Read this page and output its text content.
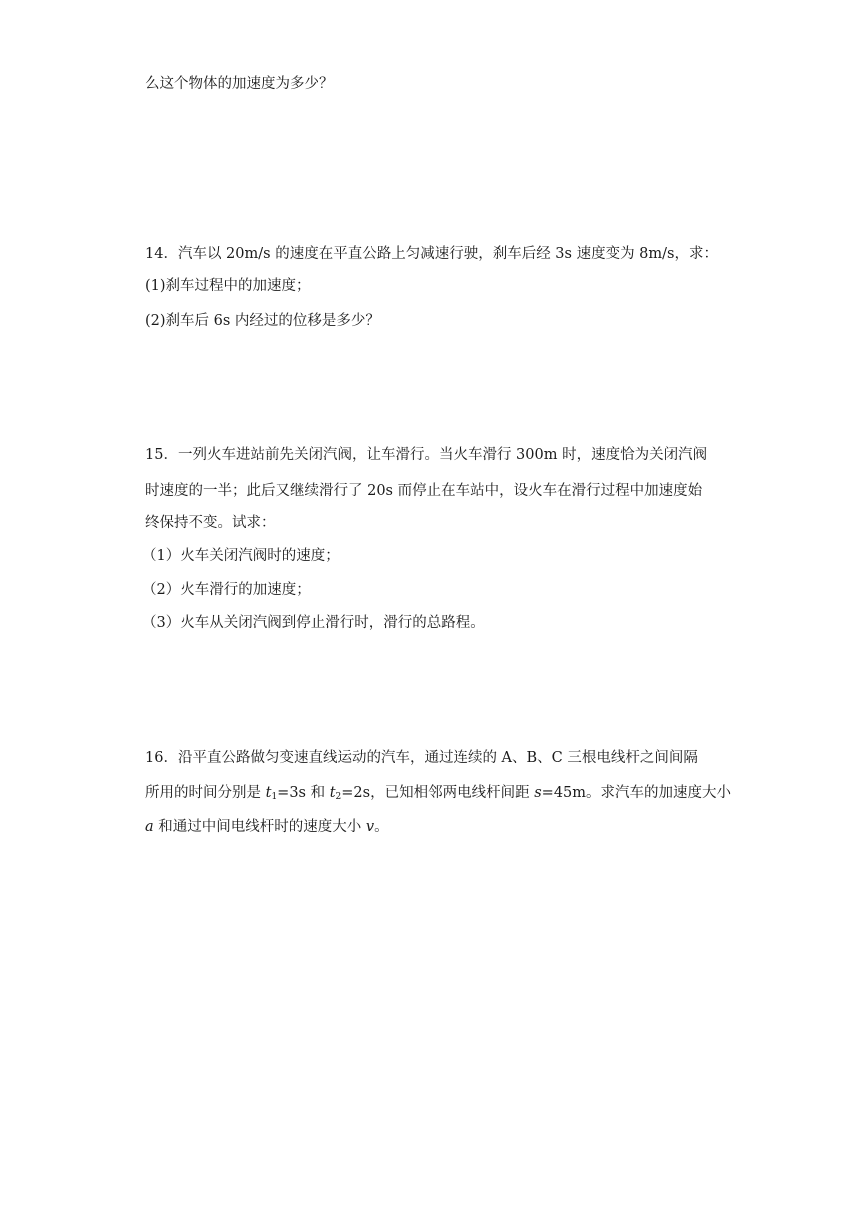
么这个物体的加速度为多少？
14．汽车以 20m/s 的速度在平直公路上匀减速行驶，刹车后经 3s 速度变为 8m/s，求：
(1)刹车过程中的加速度；
(2)刹车后 6s 内经过的位移是多少？
15．一列火车进站前先关闭汽阀，让车滑行。当火车滑行 300m 时，速度恰为关闭汽阀
时速度的一半；此后又继续滑行了 20s 而停止在车站中，设火车在滑行过程中加速度始
终保持不变。试求：
（1）火车关闭汽阀时的速度；
（2）火车滑行的加速度；
（3）火车从关闭汽阀到停止滑行时，滑行的总路程。
16．沿平直公路做匀变速直线运动的汽车，通过连续的 A、B、C 三根电线杆之间间隔
所用的时间分别是 $t_1=3s$ 和 $t_2=2s$，已知相邻两电线杆间距 s=45m。求汽车的加速度大小
a 和通过中间电线杆时的速度大小 v。
